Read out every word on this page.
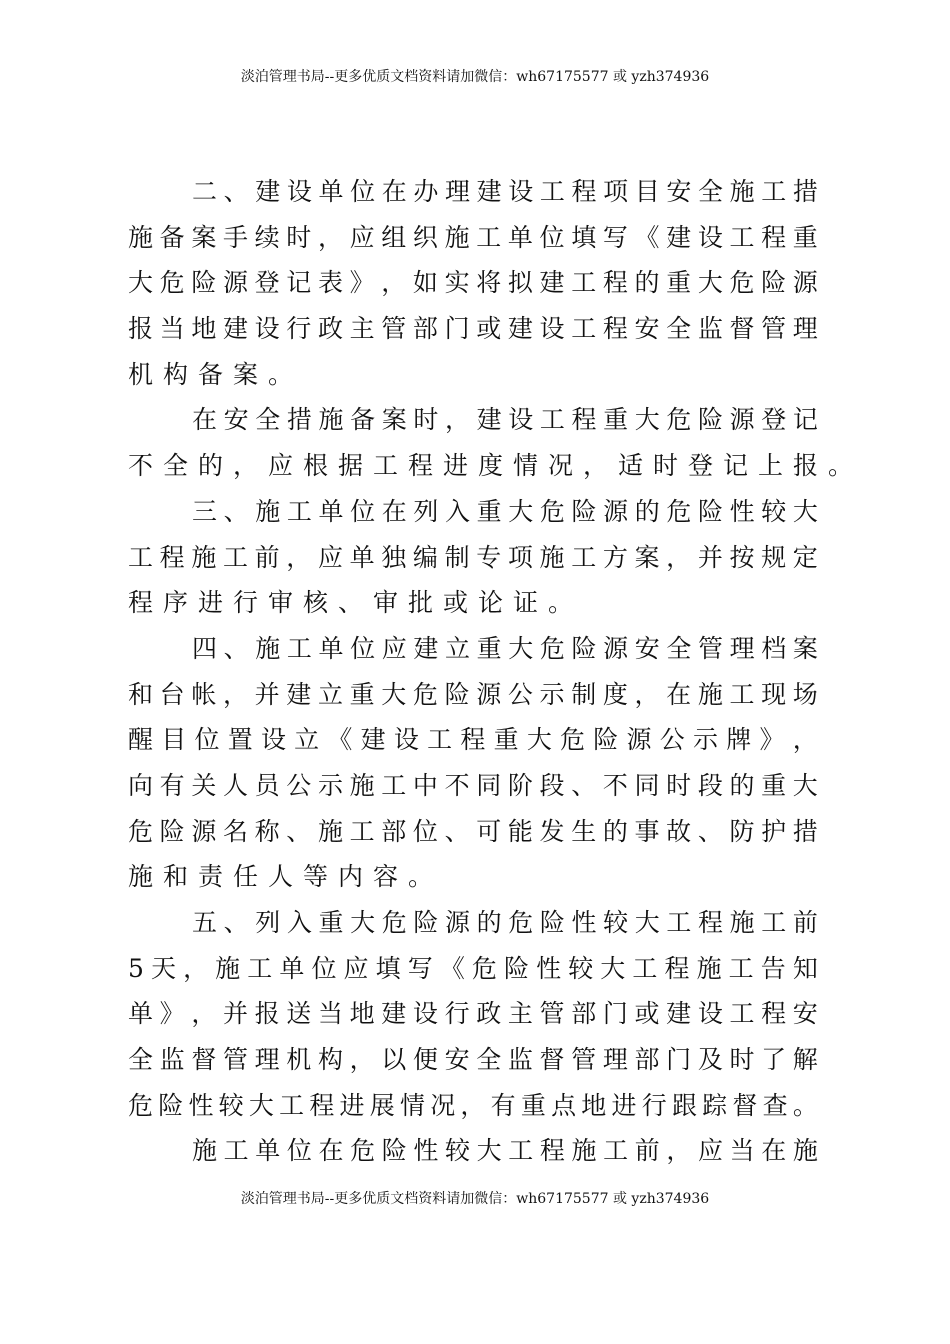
淡泊管理书局--更多优质文档资料请加微信：wh67175577 或 yzh374936
二 、 建 设 单 位 在 办 理 建 设 工 程 项 目 安 全 施 工 措
施 备 案 手 续 时 ， 应 组 织 施 工 单 位 填 写 《 建 设 工 程 重
大 危 险 源 登 记 表 》 ， 如 实 将 拟 建 工 程 的 重 大 危 险 源
报 当 地 建 设 行 政 主 管 部 门 或 建 设 工 程 安 全 监 督 管 理
机构备案。
在 安 全 措 施 备 案 时 ， 建 设 工 程 重 大 危 险 源 登 记
不全的，应根据工程进度情况，适时登记上报。
三 、 施 工 单 位 在 列 入 重 大 危 险 源 的 危 险 性 较 大
工 程 施 工 前 ， 应 单 独 编 制 专 项 施 工 方 案 ， 并 按 规 定
程序进行审核、审批或论证。
四 、 施 工 单 位 应 建 立 重 大 危 险 源 安 全 管 理 档 案
和 台 帐 ， 并 建 立 重 大 危 险 源 公 示 制 度 ， 在 施 工 现 场
醒 目 位 置 设 立 《 建 设 工 程 重 大 危 险 源 公 示 牌 》 ，
向 有 关 人 员 公 示 施 工 中 不 同 阶 段 、 不 同 时 段 的 重 大
危 险 源 名 称 、 施 工 部 位 、 可 能 发 生 的 事 故 、 防 护 措
施和责任人等内容。
五 、 列 入 重 大 危 险 源 的 危 险 性 较 大 工 程 施 工 前
5 天 ， 施 工 单 位 应 填 写 《 危 险 性 较 大 工 程 施 工 告 知
单 》 ， 并 报 送 当 地 建 设 行 政 主 管 部 门 或 建 设 工 程 安
全 监 督 管 理 机 构 ， 以 便 安 全 监 督 管 理 部 门 及 时 了 解
危 险 性 较 大 工 程 进 展 情 况 ， 有 重 点 地 进 行 跟 踪 督 查 。
施 工 单 位 在 危 险 性 较 大 工 程 施 工 前 ， 应 当 在 施
淡泊管理书局--更多优质文档资料请加微信：wh67175577 或 yzh374936
